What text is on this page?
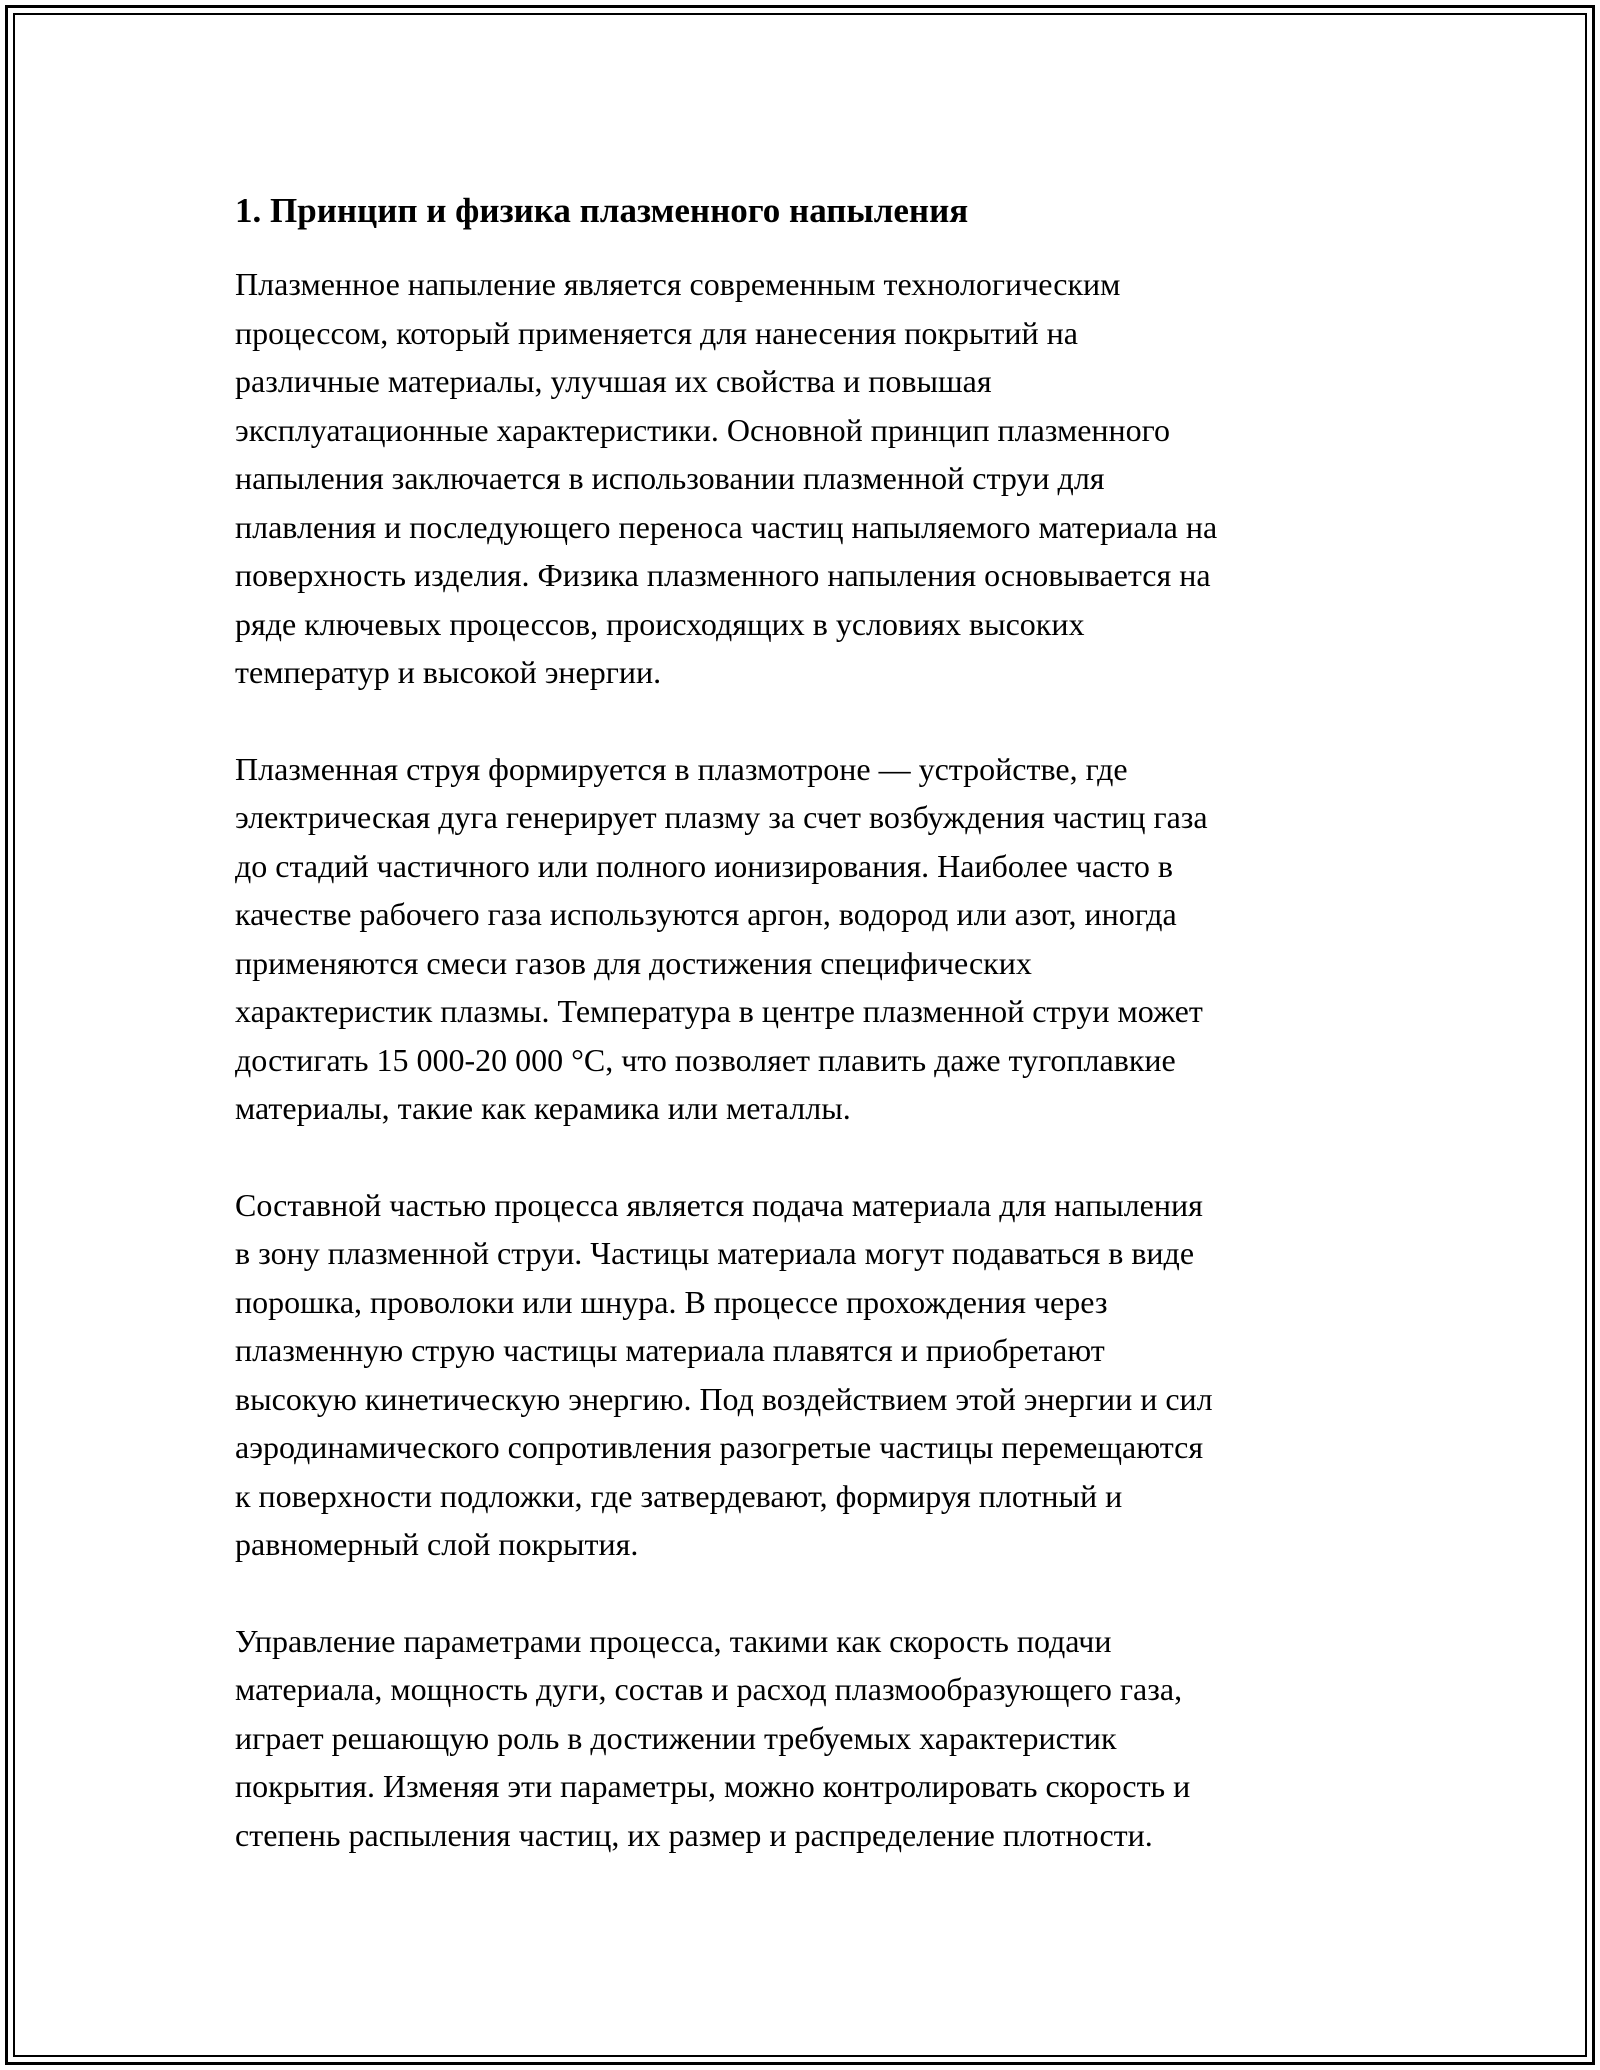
1. Принцип и физика плазменного напыления

Плазменное напыление является современным технологическим
процессом, который применяется для нанесения покрытий на
различные материалы, улучшая их свойства и повышая
эксплуатационные характеристики. Основной принцип плазменного
напыления заключается в использовании плазменной струи для
плавления и последующего переноса частиц напыляемого материала на
поверхность изделия. Физика плазменного напыления основывается на
ряде ключевых процессов, происходящих в условиях высоких
температур и высокой энергии.

Плазменная струя формируется в плазмотроне — устройстве, где
электрическая дуга генерирует плазму за счет возбуждения частиц газа
до стадий частичного или полного ионизирования. Наиболее часто в
качестве рабочего газа используются аргон, водород или азот, иногда
применяются смеси газов для достижения специфических
характеристик плазмы. Температура в центре плазменной струи может
достигать 15 000-20 000 °C, что позволяет плавить даже тугоплавкие
материалы, такие как керамика или металлы.

Составной частью процесса является подача материала для напыления
в зону плазменной струи. Частицы материала могут подаваться в виде
порошка, проволоки или шнура. В процессе прохождения через
плазменную струю частицы материала плавятся и приобретают
высокую кинетическую энергию. Под воздействием этой энергии и сил
аэродинамического сопротивления разогретые частицы перемещаются
к поверхности подложки, где затвердевают, формируя плотный и
равномерный слой покрытия.

Управление параметрами процесса, такими как скорость подачи
материала, мощность дуги, состав и расход плазмообразующего газа,
играет решающую роль в достижении требуемых характеристик
покрытия. Изменяя эти параметры, можно контролировать скорость и
степень распыления частиц, их размер и распределение плотности.
